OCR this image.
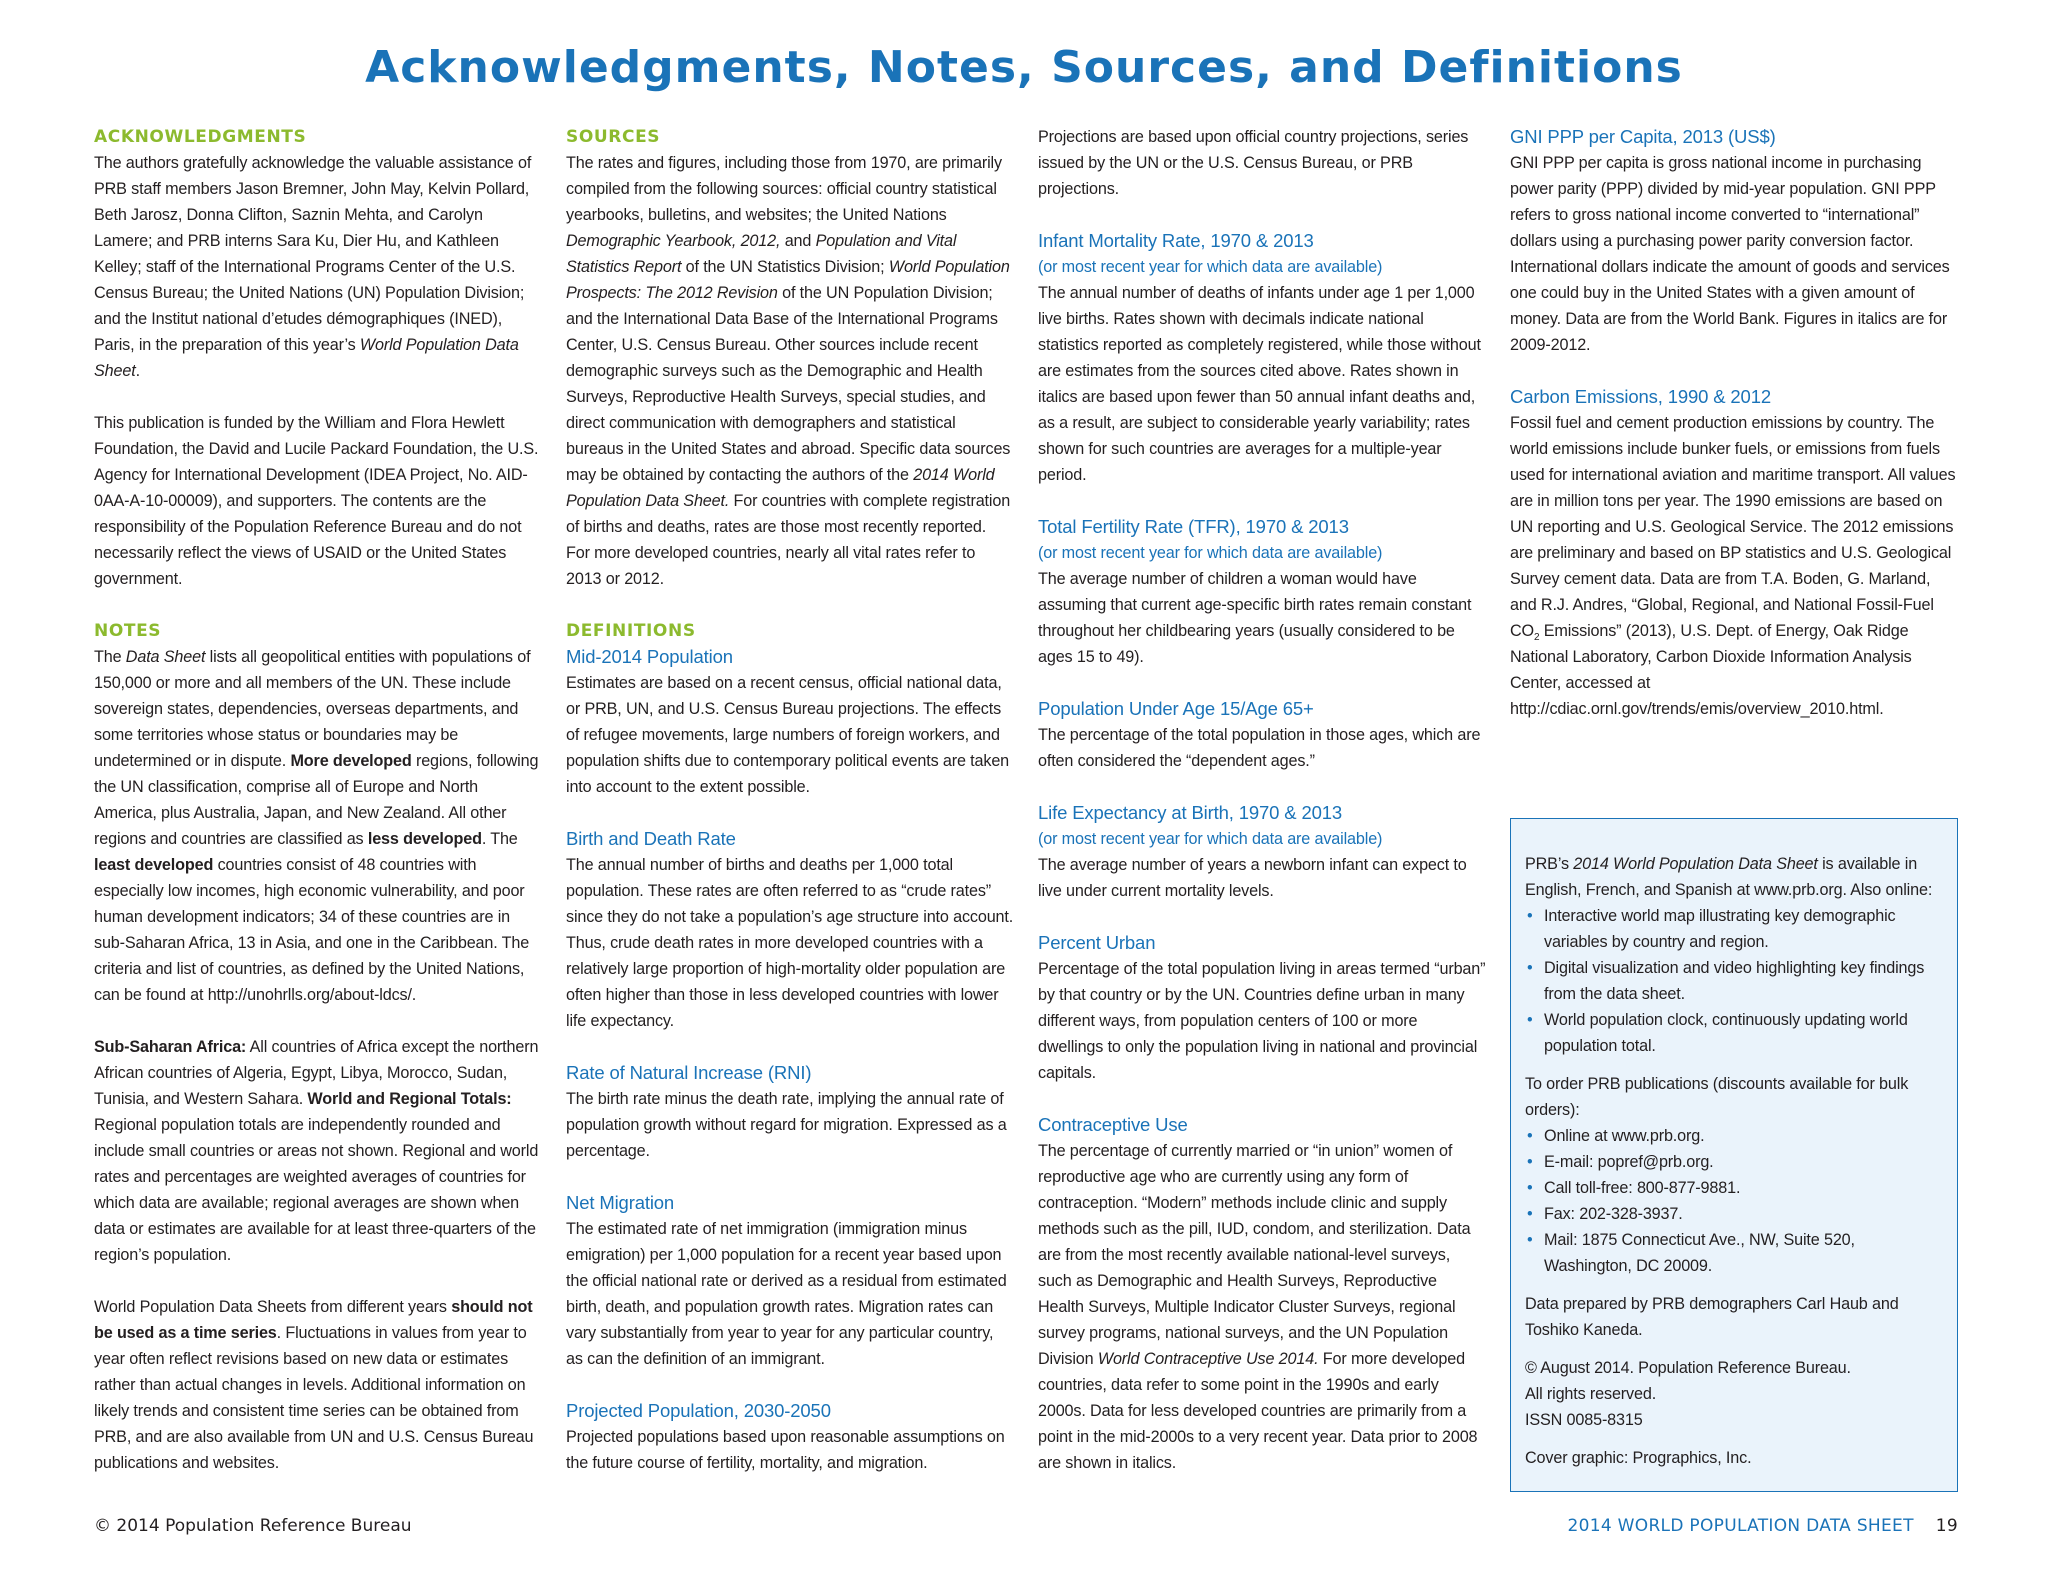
Acknowledgments, Notes, Sources, and Definitions
ACKNOWLEDGMENTS

The authors gratefully acknowledge the valuable assistance of PRB staff members Jason Bremner, John May, Kelvin Pollard, Beth Jarosz, Donna Clifton, Saznin Mehta, and Carolyn Lamere; and PRB interns Sara Ku, Dier Hu, and Kathleen Kelley; staff of the International Programs Center of the U.S. Census Bureau; the United Nations (UN) Population Division; and the Institut national d’etudes démographiques (INED), Paris, in the preparation of this year’s World Population Data Sheet.

This publication is funded by the William and Flora Hewlett Foundation, the David and Lucile Packard Foundation, the U.S. Agency for International Development (IDEA Project, No. AID-0AA-A-10-00009), and supporters. The contents are the responsibility of the Population Reference Bureau and do not necessarily reflect the views of USAID or the United States government.

NOTES

The Data Sheet lists all geopolitical entities with populations of 150,000 or more and all members of the UN. These include sovereign states, dependencies, overseas departments, and some territories whose status or boundaries may be undetermined or in dispute. More developed regions, following the UN classification, comprise all of Europe and North America, plus Australia, Japan, and New Zealand. All other regions and countries are classified as less developed. The least developed countries consist of 48 countries with especially low incomes, high economic vulnerability, and poor human development indicators; 34 of these countries are in sub-Saharan Africa, 13 in Asia, and one in the Caribbean. The criteria and list of countries, as defined by the United Nations, can be found at http://unohrlls.org/about-ldcs/.

Sub-Saharan Africa: All countries of Africa except the northern African countries of Algeria, Egypt, Libya, Morocco, Sudan, Tunisia, and Western Sahara. World and Regional Totals: Regional population totals are independently rounded and include small countries or areas not shown. Regional and world rates and percentages are weighted averages of countries for which data are available; regional averages are shown when data or estimates are available for at least three-quarters of the region’s population.

World Population Data Sheets from different years should not be used as a time series. Fluctuations in values from year to year often reflect revisions based on new data or estimates rather than actual changes in levels. Additional information on likely trends and consistent time series can be obtained from PRB, and are also available from UN and U.S. Census Bureau publications and websites.

SOURCES

The rates and figures, including those from 1970, are primarily compiled from the following sources: official country statistical yearbooks, bulletins, and websites; the United Nations Demographic Yearbook, 2012, and Population and Vital Statistics Report of the UN Statistics Division; World Population Prospects: The 2012 Revision of the UN Population Division; and the International Data Base of the International Programs Center, U.S. Census Bureau. Other sources include recent demographic surveys such as the Demographic and Health Surveys, Reproductive Health Surveys, special studies, and direct communication with demographers and statistical bureaus in the United States and abroad. Specific data sources may be obtained by contacting the authors of the 2014 World Population Data Sheet. For countries with complete registration of births and deaths, rates are those most recently reported. For more developed countries, nearly all vital rates refer to 2013 or 2012.

DEFINITIONS
Mid-2014 Population

Estimates are based on a recent census, official national data, or PRB, UN, and U.S. Census Bureau projections. The effects of refugee movements, large numbers of foreign workers, and population shifts due to contemporary political events are taken into account to the extent possible.

Birth and Death Rate

The annual number of births and deaths per 1,000 total population. These rates are often referred to as “crude rates” since they do not take a population’s age structure into account. Thus, crude death rates in more developed countries with a relatively large proportion of high-mortality older population are often higher than those in less developed countries with lower life expectancy.

Rate of Natural Increase (RNI)

The birth rate minus the death rate, implying the annual rate of population growth without regard for migration. Expressed as a percentage.

Net Migration

The estimated rate of net immigration (immigration minus emigration) per 1,000 population for a recent year based upon the official national rate or derived as a residual from estimated birth, death, and population growth rates. Migration rates can vary substantially from year to year for any particular country, as can the definition of an immigrant.

Projected Population, 2030-2050

Projected populations based upon reasonable assumptions on the future course of fertility, mortality, and migration.

Projections are based upon official country projections, series issued by the UN or the U.S. Census Bureau, or PRB projections.

Infant Mortality Rate, 1970 & 2013

(or most recent year for which data are available)

The annual number of deaths of infants under age 1 per 1,000 live births. Rates shown with decimals indicate national statistics reported as completely registered, while those without are estimates from the sources cited above. Rates shown in italics are based upon fewer than 50 annual infant deaths and, as a result, are subject to considerable yearly variability; rates shown for such countries are averages for a multiple-year period.

Total Fertility Rate (TFR), 1970 & 2013

(or most recent year for which data are available)

The average number of children a woman would have assuming that current age-specific birth rates remain constant throughout her childbearing years (usually considered to be ages 15 to 49).

Population Under Age 15/Age 65+

The percentage of the total population in those ages, which are often considered the “dependent ages.”

Life Expectancy at Birth, 1970 & 2013

(or most recent year for which data are available)

The average number of years a newborn infant can expect to live under current mortality levels.

Percent Urban

Percentage of the total population living in areas termed “urban” by that country or by the UN. Countries define urban in many different ways, from population centers of 100 or more dwellings to only the population living in national and provincial capitals.

Contraceptive Use

The percentage of currently married or “in union” women of reproductive age who are currently using any form of contraception. “Modern” methods include clinic and supply methods such as the pill, IUD, condom, and sterilization. Data are from the most recently available national-level surveys, such as Demographic and Health Surveys, Reproductive Health Surveys, Multiple Indicator Cluster Surveys, regional survey programs, national surveys, and the UN Population Division World Contraceptive Use 2014. For more developed countries, data refer to some point in the 1990s and early 2000s. Data for less developed countries are primarily from a point in the mid-2000s to a very recent year. Data prior to 2008 are shown in italics.

GNI PPP per Capita, 2013 (US$)

GNI PPP per capita is gross national income in purchasing power parity (PPP) divided by mid-year population. GNI PPP refers to gross national income converted to “international” dollars using a purchasing power parity conversion factor. International dollars indicate the amount of goods and services one could buy in the United States with a given amount of money. Data are from the World Bank. Figures in italics are for 2009-2012.

Carbon Emissions, 1990 & 2012

Fossil fuel and cement production emissions by country. The world emissions include bunker fuels, or emissions from fuels used for international aviation and maritime transport. All values are in million tons per year. The 1990 emissions are based on UN reporting and U.S. Geological Service. The 2012 emissions are preliminary and based on BP statistics and U.S. Geological Survey cement data. Data are from T.A. Boden, G. Marland, and R.J. Andres, “Global, Regional, and National Fossil-Fuel $CO_2$ Emissions” (2013), U.S. Dept. of Energy, Oak Ridge National Laboratory, Carbon Dioxide Information Analysis Center, accessed at http://cdiac.ornl.gov/trends/emis/overview_2010.html.

PRB’s 2014 World Population Data Sheet is available in English, French, and Spanish at www.prb.org. Also online:

• Interactive world map illustrating key demographic variables by country and region.
• Digital visualization and video highlighting key findings from the data sheet.
• World population clock, continuously updating world population total.

To order PRB publications (discounts available for bulk orders):

• Online at www.prb.org.
• E-mail: popref@prb.org.
• Call toll-free: 800-877-9881.
• Fax: 202-328-3937.
• Mail: 1875 Connecticut Ave., NW, Suite 520, Washington, DC 20009.

Data prepared by PRB demographers Carl Haub and Toshiko Kaneda.

© August 2014. Population Reference Bureau.

All rights reserved.

ISSN 0085-8315

Cover graphic: Prographics, Inc.

© 2014 Population Reference Bureau	2014 WORLD POPULATION DATA SHEET 19
